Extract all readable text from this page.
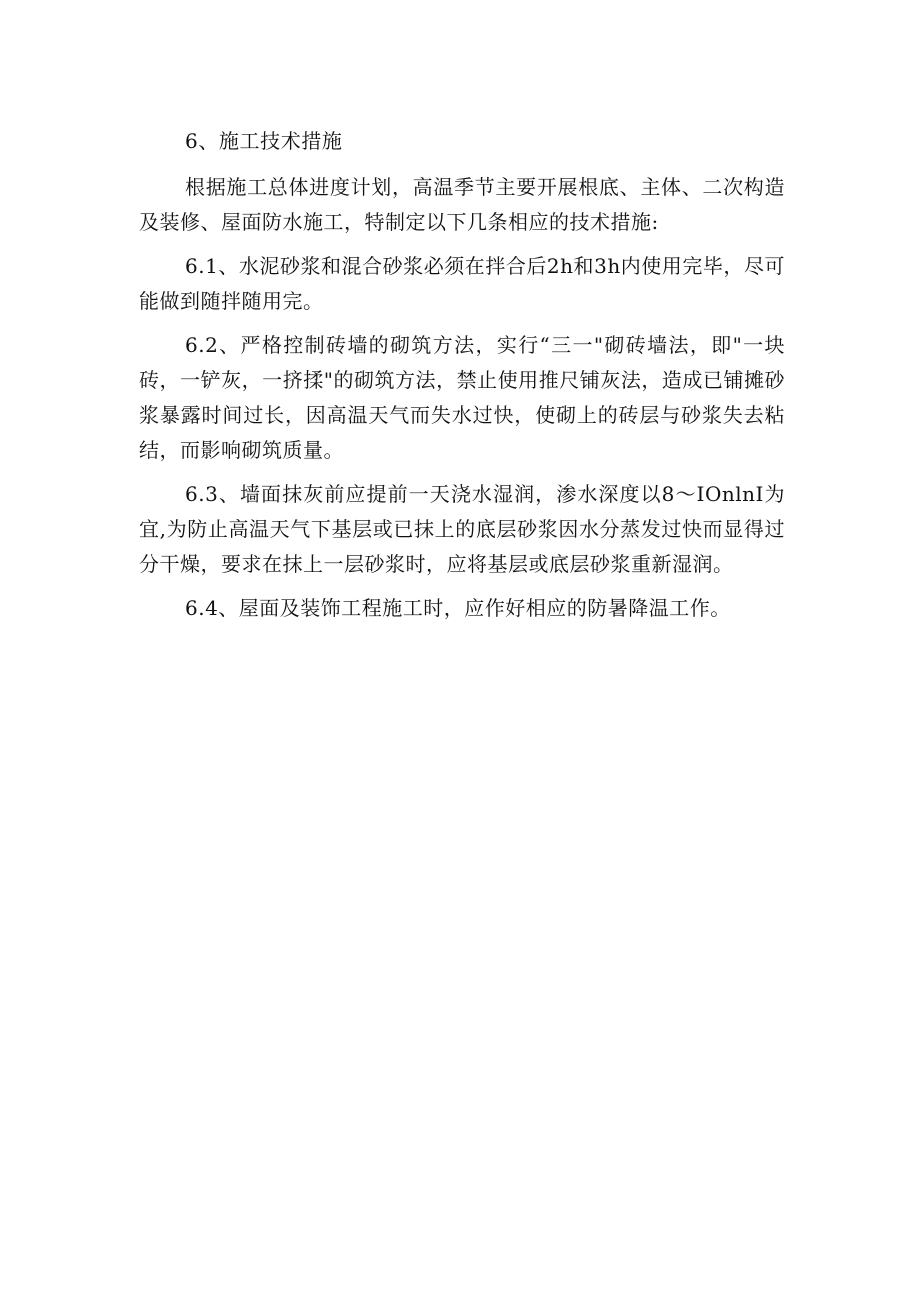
6、施工技术措施

根据施工总体进度计划，高温季节主要开展根底、主体、二次构造及装修、屋面防水施工，特制定以下几条相应的技术措施:

6.1、水泥砂浆和混合砂浆必须在拌合后2h和3h内使用完毕，尽可能做到随拌随用完。

6.2、严格控制砖墙的砌筑方法，实行“三一"砌砖墙法，即"一块砖，一铲灰，一挤揉"的砌筑方法，禁止使用推尺铺灰法，造成已铺摊砂浆暴露时间过长，因高温天气而失水过快，使砌上的砖层与砂浆失去粘结，而影响砌筑质量。

6.3、墙面抹灰前应提前一天浇水湿润，渗水深度以8～IOnlnI为宜,为防止高温天气下基层或已抹上的底层砂浆因水分蒸发过快而显得过分干燥，要求在抹上一层砂浆时，应将基层或底层砂浆重新湿润。

6.4、屋面及装饰工程施工时，应作好相应的防暑降温工作。
